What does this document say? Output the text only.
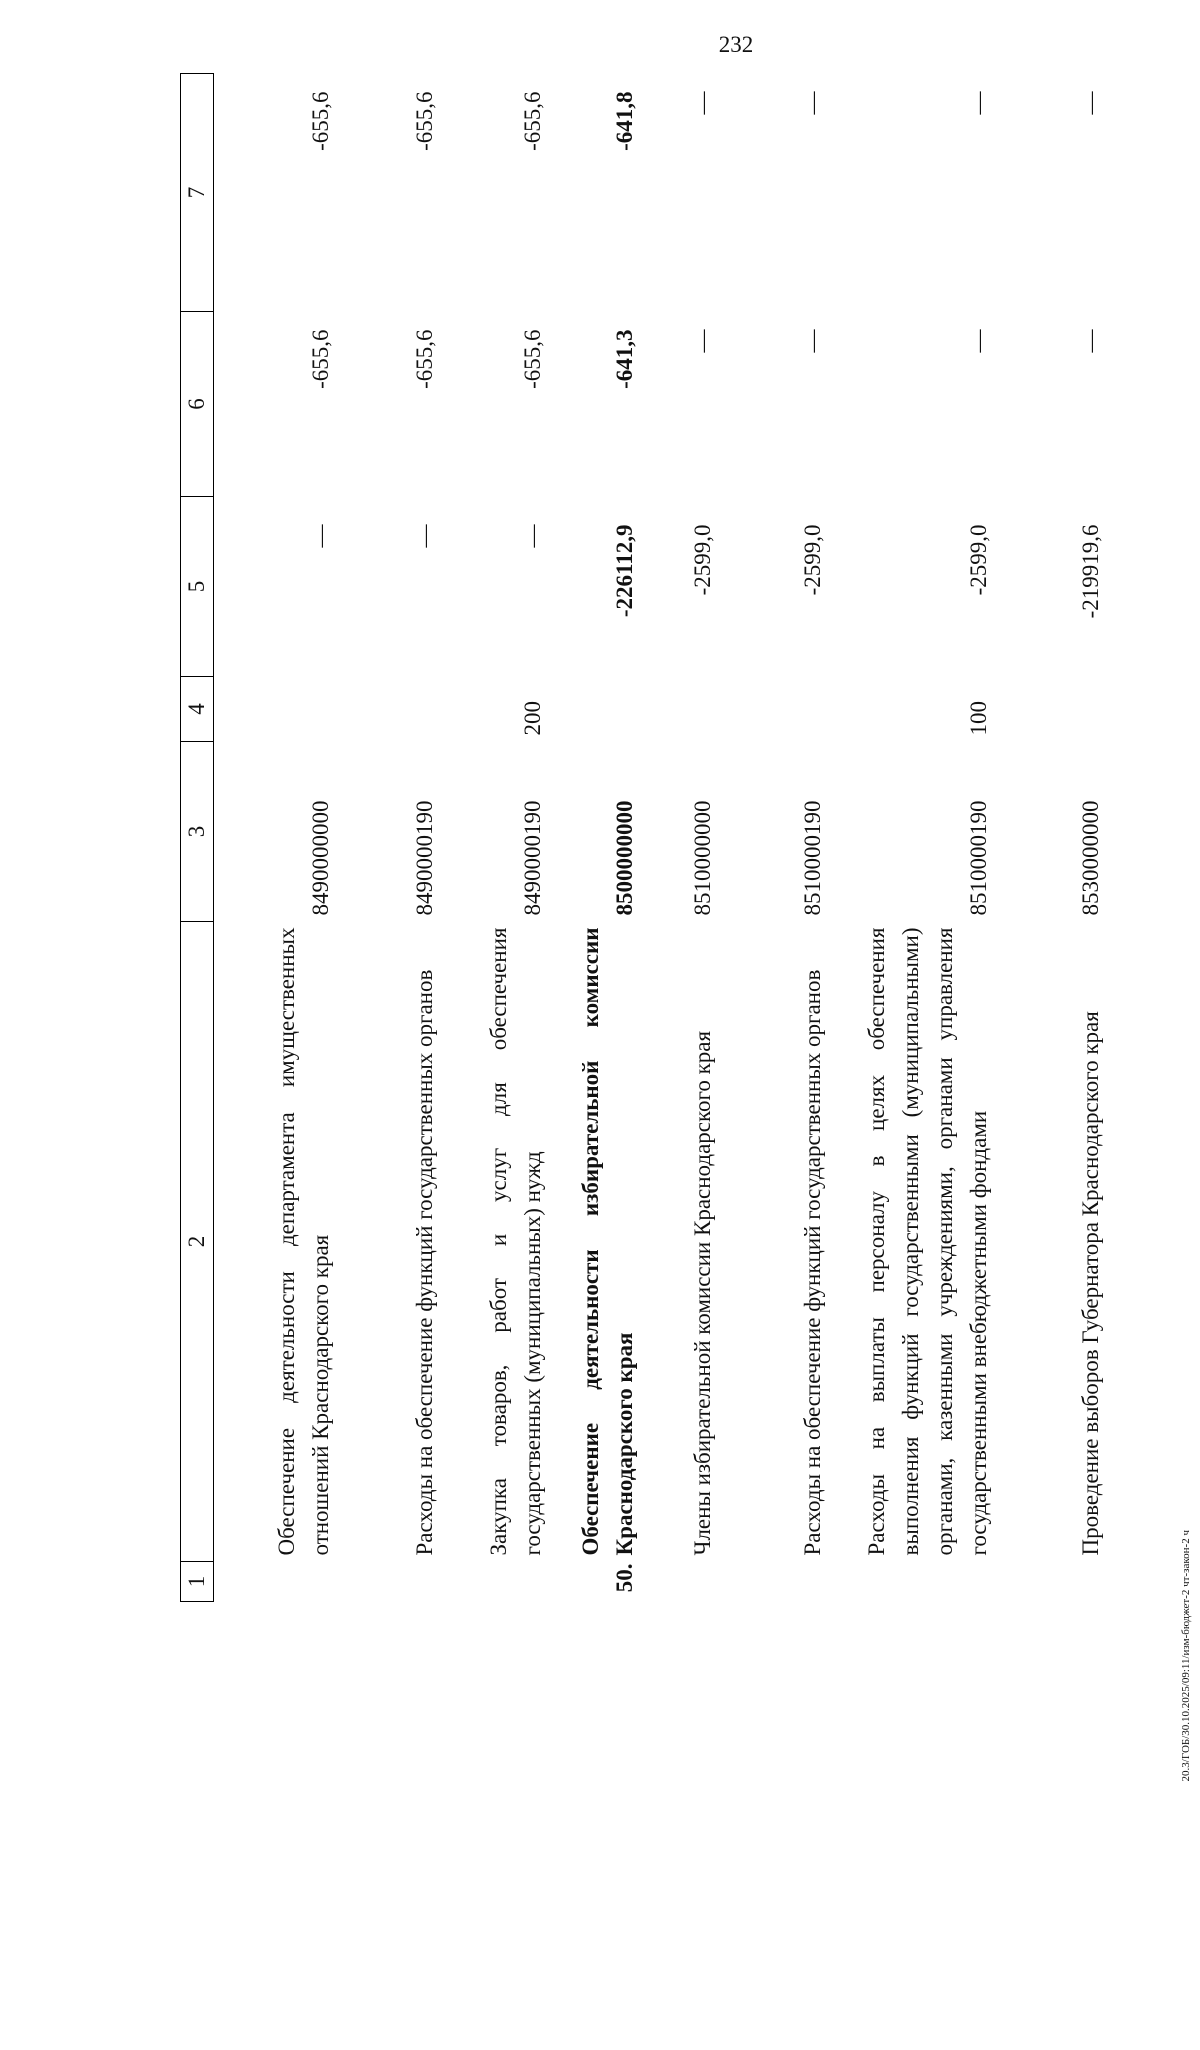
232
1	2	3	4	5	6	7
	Обеспечение деятельности департамента имущественных отношений Краснодарского края	8490000000		—	-655,6	-655,6
	Расходы на обеспечение функций государственных органов	8490000190		—	-655,6	-655,6
	Закупка товаров, работ и услуг для обеспечения государственных (муниципальных) нужд	8490000190	200	—	-655,6	-655,6
50.	Обеспечение деятельности избирательной комиссии Краснодарского края	8500000000		-226112,9	-641,3	-641,8
	Члены избирательной комиссии Краснодарского края	8510000000		-2599,0	—	—
	Расходы на обеспечение функций государственных органов	8510000190		-2599,0	—	—
	Расходы на выплаты персоналу в целях обеспечения выполнения функций государственными (муниципальными) органами, казенными учреждениями, органами управления государственными внебюджетными фондами	8510000190	100	-2599,0	—	—
	Проведение выборов Губернатора Краснодарского края	8530000000		-219919,6	—	—
20.3/ГОБ/30.10.2025/09:11/изм-бюджет-2 чт-закон-2 ч
